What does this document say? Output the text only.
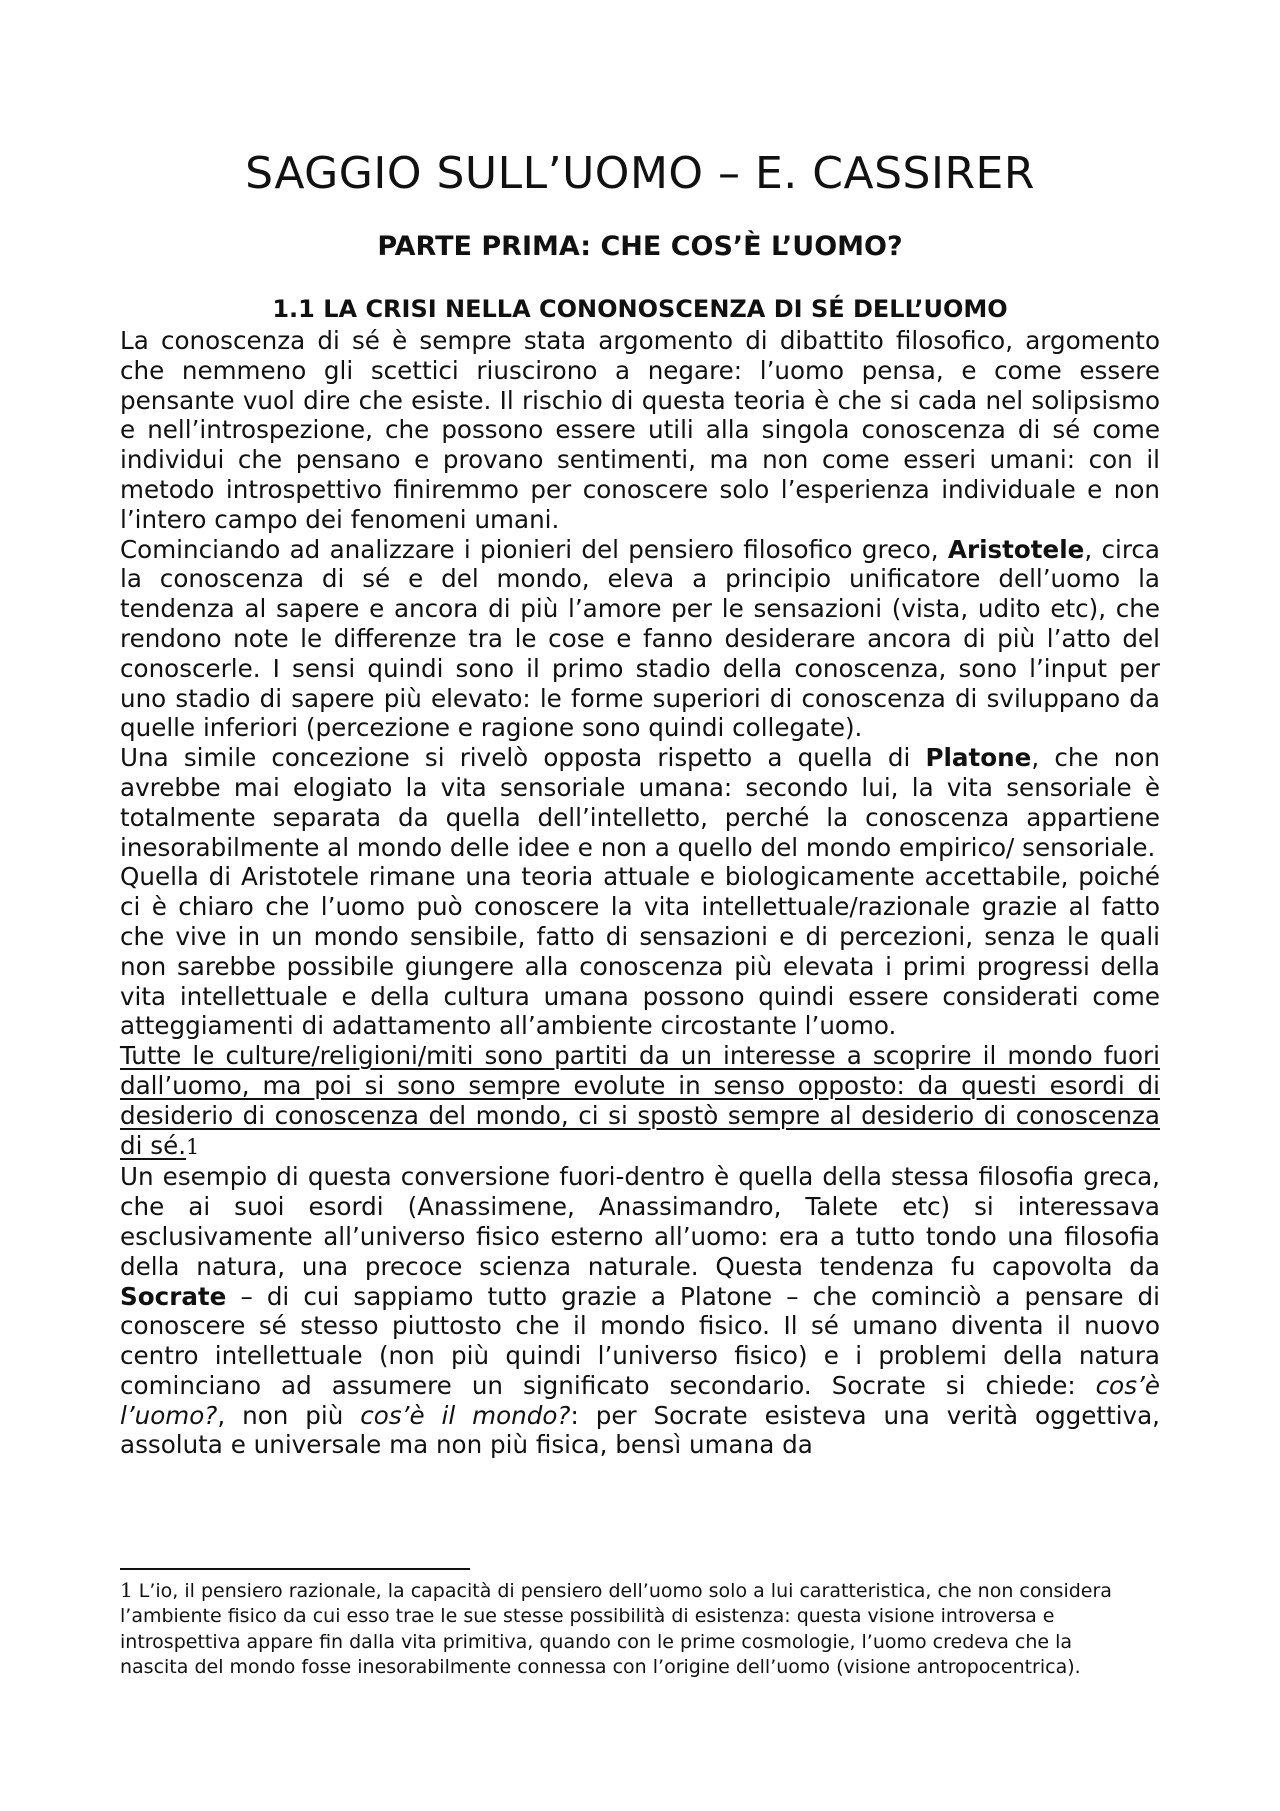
SAGGIO SULL’UOMO – E. CASSIRER
PARTE PRIMA: CHE COS’È L’UOMO?
1.1 LA CRISI NELLA CONONOSCENZA DI SÉ DELL’UOMO

La conoscenza di sé è sempre stata argomento di dibattito filosofico, argomento che nemmeno gli scettici riuscirono a negare: l’uomo pensa, e come essere pensante vuol dire che esiste. Il rischio di questa teoria è che si cada nel solipsismo e nell’introspezione, che possono essere utili alla singola conoscenza di sé come individui che pensano e provano sentimenti, ma non come esseri umani: con il metodo introspettivo finiremmo per conoscere solo l’esperienza individuale e non l’intero campo dei fenomeni umani.

Cominciando ad analizzare i pionieri del pensiero filosofico greco, Aristotele, circa la conoscenza di sé e del mondo, eleva a principio unificatore dell’uomo la tendenza al sapere e ancora di più l’amore per le sensazioni (vista, udito etc), che rendono note le differenze tra le cose e fanno desiderare ancora di più l’atto del conoscerle. I sensi quindi sono il primo stadio della conoscenza, sono l’input per uno stadio di sapere più elevato: le forme superiori di conoscenza di sviluppano da quelle inferiori (percezione e ragione sono quindi collegate).

Una simile concezione si rivelò opposta rispetto a quella di Platone, che non avrebbe mai elogiato la vita sensoriale umana: secondo lui, la vita sensoriale è totalmente separata da quella dell’intelletto, perché la conoscenza appartiene inesorabilmente al mondo delle idee e non a quello del mondo empirico/ sensoriale.

Quella di Aristotele rimane una teoria attuale e biologicamente accettabile, poiché ci è chiaro che l’uomo può conoscere la vita intellettuale/razionale grazie al fatto che vive in un mondo sensibile, fatto di sensazioni e di percezioni, senza le quali non sarebbe possibile giungere alla conoscenza più elevata i primi progressi della vita intellettuale e della cultura umana possono quindi essere considerati come atteggiamenti di adattamento all’ambiente circostante l’uomo.

Tutte le culture/religioni/miti sono partiti da un interesse a scoprire il mondo fuori dall’uomo, ma poi si sono sempre evolute in senso opposto: da questi esordi di desiderio di conoscenza del mondo, ci si spostò sempre al desiderio di conoscenza di sé.1

Un esempio di questa conversione fuori-dentro è quella della stessa filosofia greca, che ai suoi esordi (Anassimene, Anassimandro, Talete etc) si interessava esclusivamente all’universo fisico esterno all’uomo: era a tutto tondo una filosofia della natura, una precoce scienza naturale. Questa tendenza fu capovolta da Socrate – di cui sappiamo tutto grazie a Platone – che cominciò a pensare di conoscere sé stesso piuttosto che il mondo fisico. Il sé umano diventa il nuovo centro intellettuale (non più quindi l’universo fisico) e i problemi della natura cominciano ad assumere un significato secondario. Socrate si chiede: cos’è l’uomo?, non più cos’è il mondo?: per Socrate esisteva una verità oggettiva, assoluta e universale ma non più fisica, bensì umana da

1 L’io, il pensiero razionale, la capacità di pensiero dell’uomo solo a lui caratteristica, che non considera l’ambiente fisico da cui esso trae le sue stesse possibilità di esistenza: questa visione introversa e introspettiva appare fin dalla vita primitiva, quando con le prime cosmologie, l’uomo credeva che la nascita del mondo fosse inesorabilmente connessa con l’origine dell’uomo (visione antropocentrica).
